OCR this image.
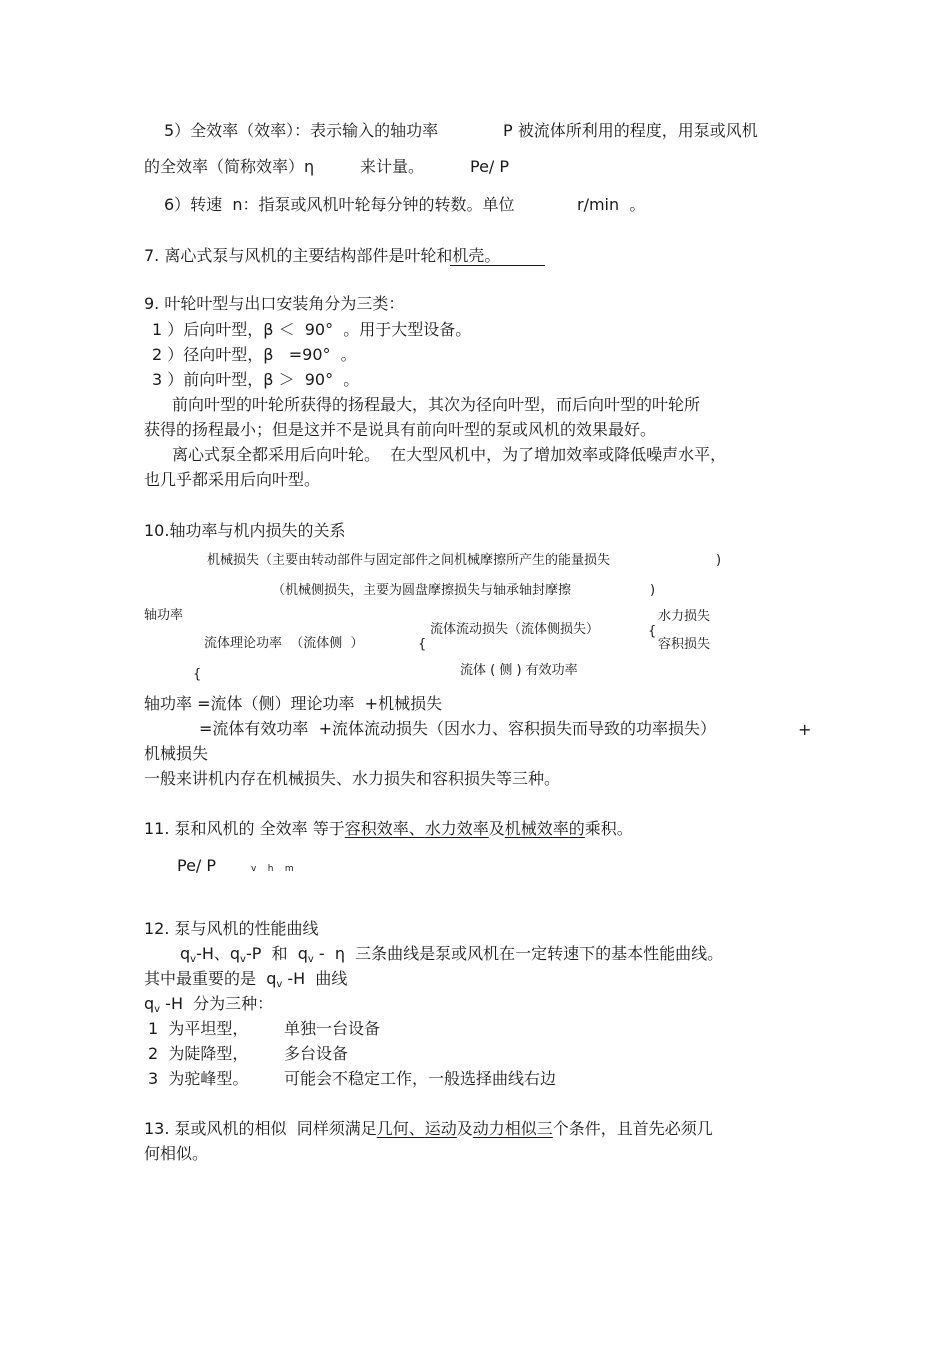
5）全效率（效率）：表示输入的轴功率	P 被流体所利用的程度，用泵或风机
的全效率（简称效率）η	来计量。	Pe/ P
6）转速  n：指泵或风机叶轮每分钟的转数。单位	r/min  。
7. 离心式泵与风机的主要结构部件是叶轮和机壳。
9. 叶轮叶型与出口安装角分为三类：
1 ）后向叶型，β ＜  90°  。用于大型设备。
2 ）径向叶型，β   =90°  。
3 ）前向叶型，β ＞  90°  。
前向叶型的叶轮所获得的扬程最大，其次为径向叶型，而后向叶型的叶轮所
获得的扬程最小；但是这并不是说具有前向叶型的泵或风机的效果最好。
离心式泵全都采用后向叶轮。  在大型风机中，为了增加效率或降低噪声水平，
也几乎都采用后向叶型。
10.轴功率与机内损失的关系
机械损失（主要由转动部件与固定部件之间机械摩擦所产生的能量损失	)
（机械侧损失，主要为圆盘摩擦损失与轴承轴封摩擦	)
轴功率	水力损失
流体流动损失（流体侧损失）	{
流体理论功率  （流体侧  ）	{	容积损失
流体 ( 侧 ) 有效功率
{
轴功率 =流体（侧）理论功率  +机械损失
=流体有效功率  +流体流动损失（因水力、容积损失而导致的功率损失）	+
机械损失
一般来讲机内存在机械损失、水力损失和容积损失等三种。
11. 泵和风机的 全效率 等于容积效率、水力效率及机械效率的乘积。
Pe/ P	v    h    m
12. 泵与风机的性能曲线
$q_v-H$、$q_v-P$  和  $q_v$ -  η 三条曲线是泵或风机在一定转速下的基本性能曲线。
其中最重要的是  $q_v$ -H  曲线
$q_v$ -H  分为三种：
1  为平坦型， 单独一台设备
2  为陡降型， 多台设备
3  为驼峰型。 可能会不稳定工作，一般选择曲线右边
13. 泵或风机的相似  同样须满足几何、运动及动力相似三个条件，且首先必须几
何相似。
